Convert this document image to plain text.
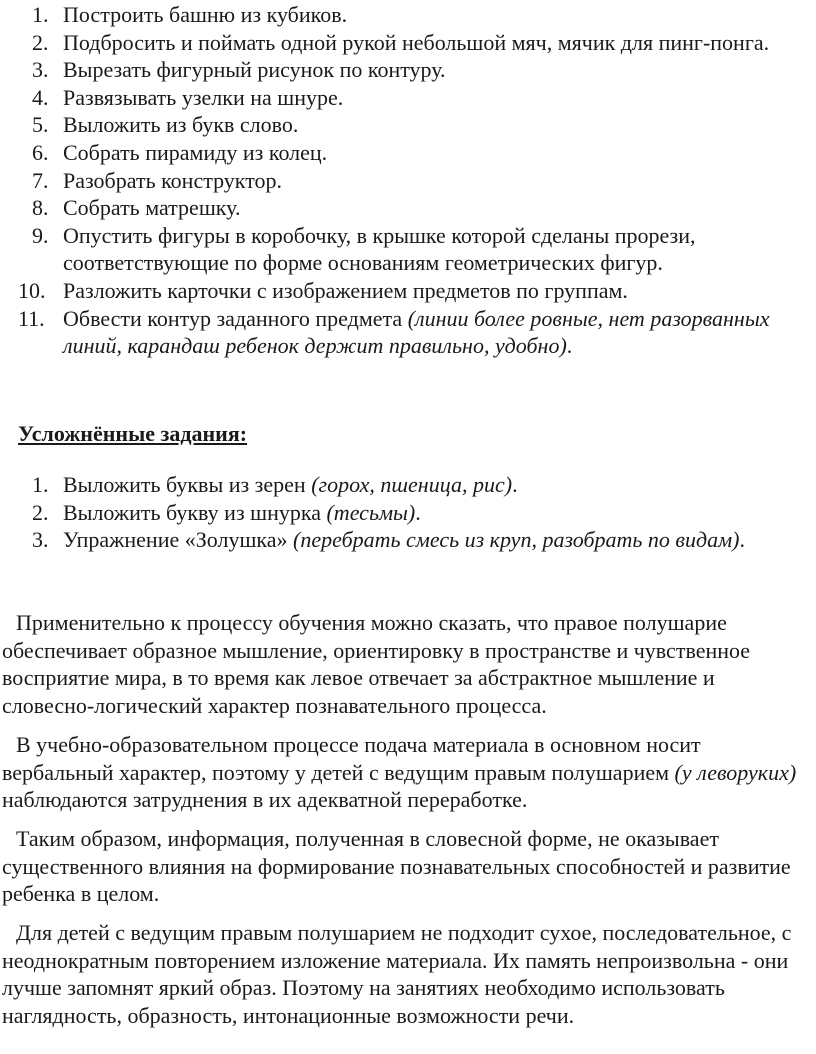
1. Построить башню из кубиков.
2. Подбросить и поймать одной рукой небольшой мяч, мячик для пинг-понга.
3. Вырезать фигурный рисунок по контуру.
4. Развязывать узелки на шнуре.
5. Выложить из букв слово.
6. Собрать пирамиду из колец.
7. Разобрать конструктор.
8. Собрать матрешку.
9. Опустить фигуры в коробочку, в крышке которой сделаны прорези, соответствующие по форме основаниям геометрических фигур.
10. Разложить карточки с изображением предметов по группам.
11. Обвести контур заданного предмета (линии более ровные, нет разорванных линий, карандаш ребенок держит правильно, удобно).
Усложнённые задания:
1. Выложить буквы из зерен (горох, пшеница, рис).
2. Выложить букву из шнурка (тесьмы).
3. Упражнение «Золушка» (перебрать смесь из круп, разобрать по видам).

Применительно к процессу обучения можно сказать, что правое полушарие обеспечивает образное мышление, ориентировку в пространстве и чувственное восприятие мира, в то время как левое отвечает за абстрактное мышление и словесно-логический характер познавательного процесса.

В учебно-образовательном процессе подача материала в основном носит вербальный характер, поэтому у детей с ведущим правым полушарием (у леворуких) наблюдаются затруднения в их адекватной переработке.

Таким образом, информация, полученная в словесной форме, не оказывает существенного влияния на формирование познавательных способностей и развитие ребенка в целом.

Для детей с ведущим правым полушарием не подходит сухое, последовательное, с неоднократным повторением изложение материала. Их память непроизвольна - они лучше запомнят яркий образ. Поэтому на занятиях необходимо использовать наглядность, образность, интонационные возможности речи.
